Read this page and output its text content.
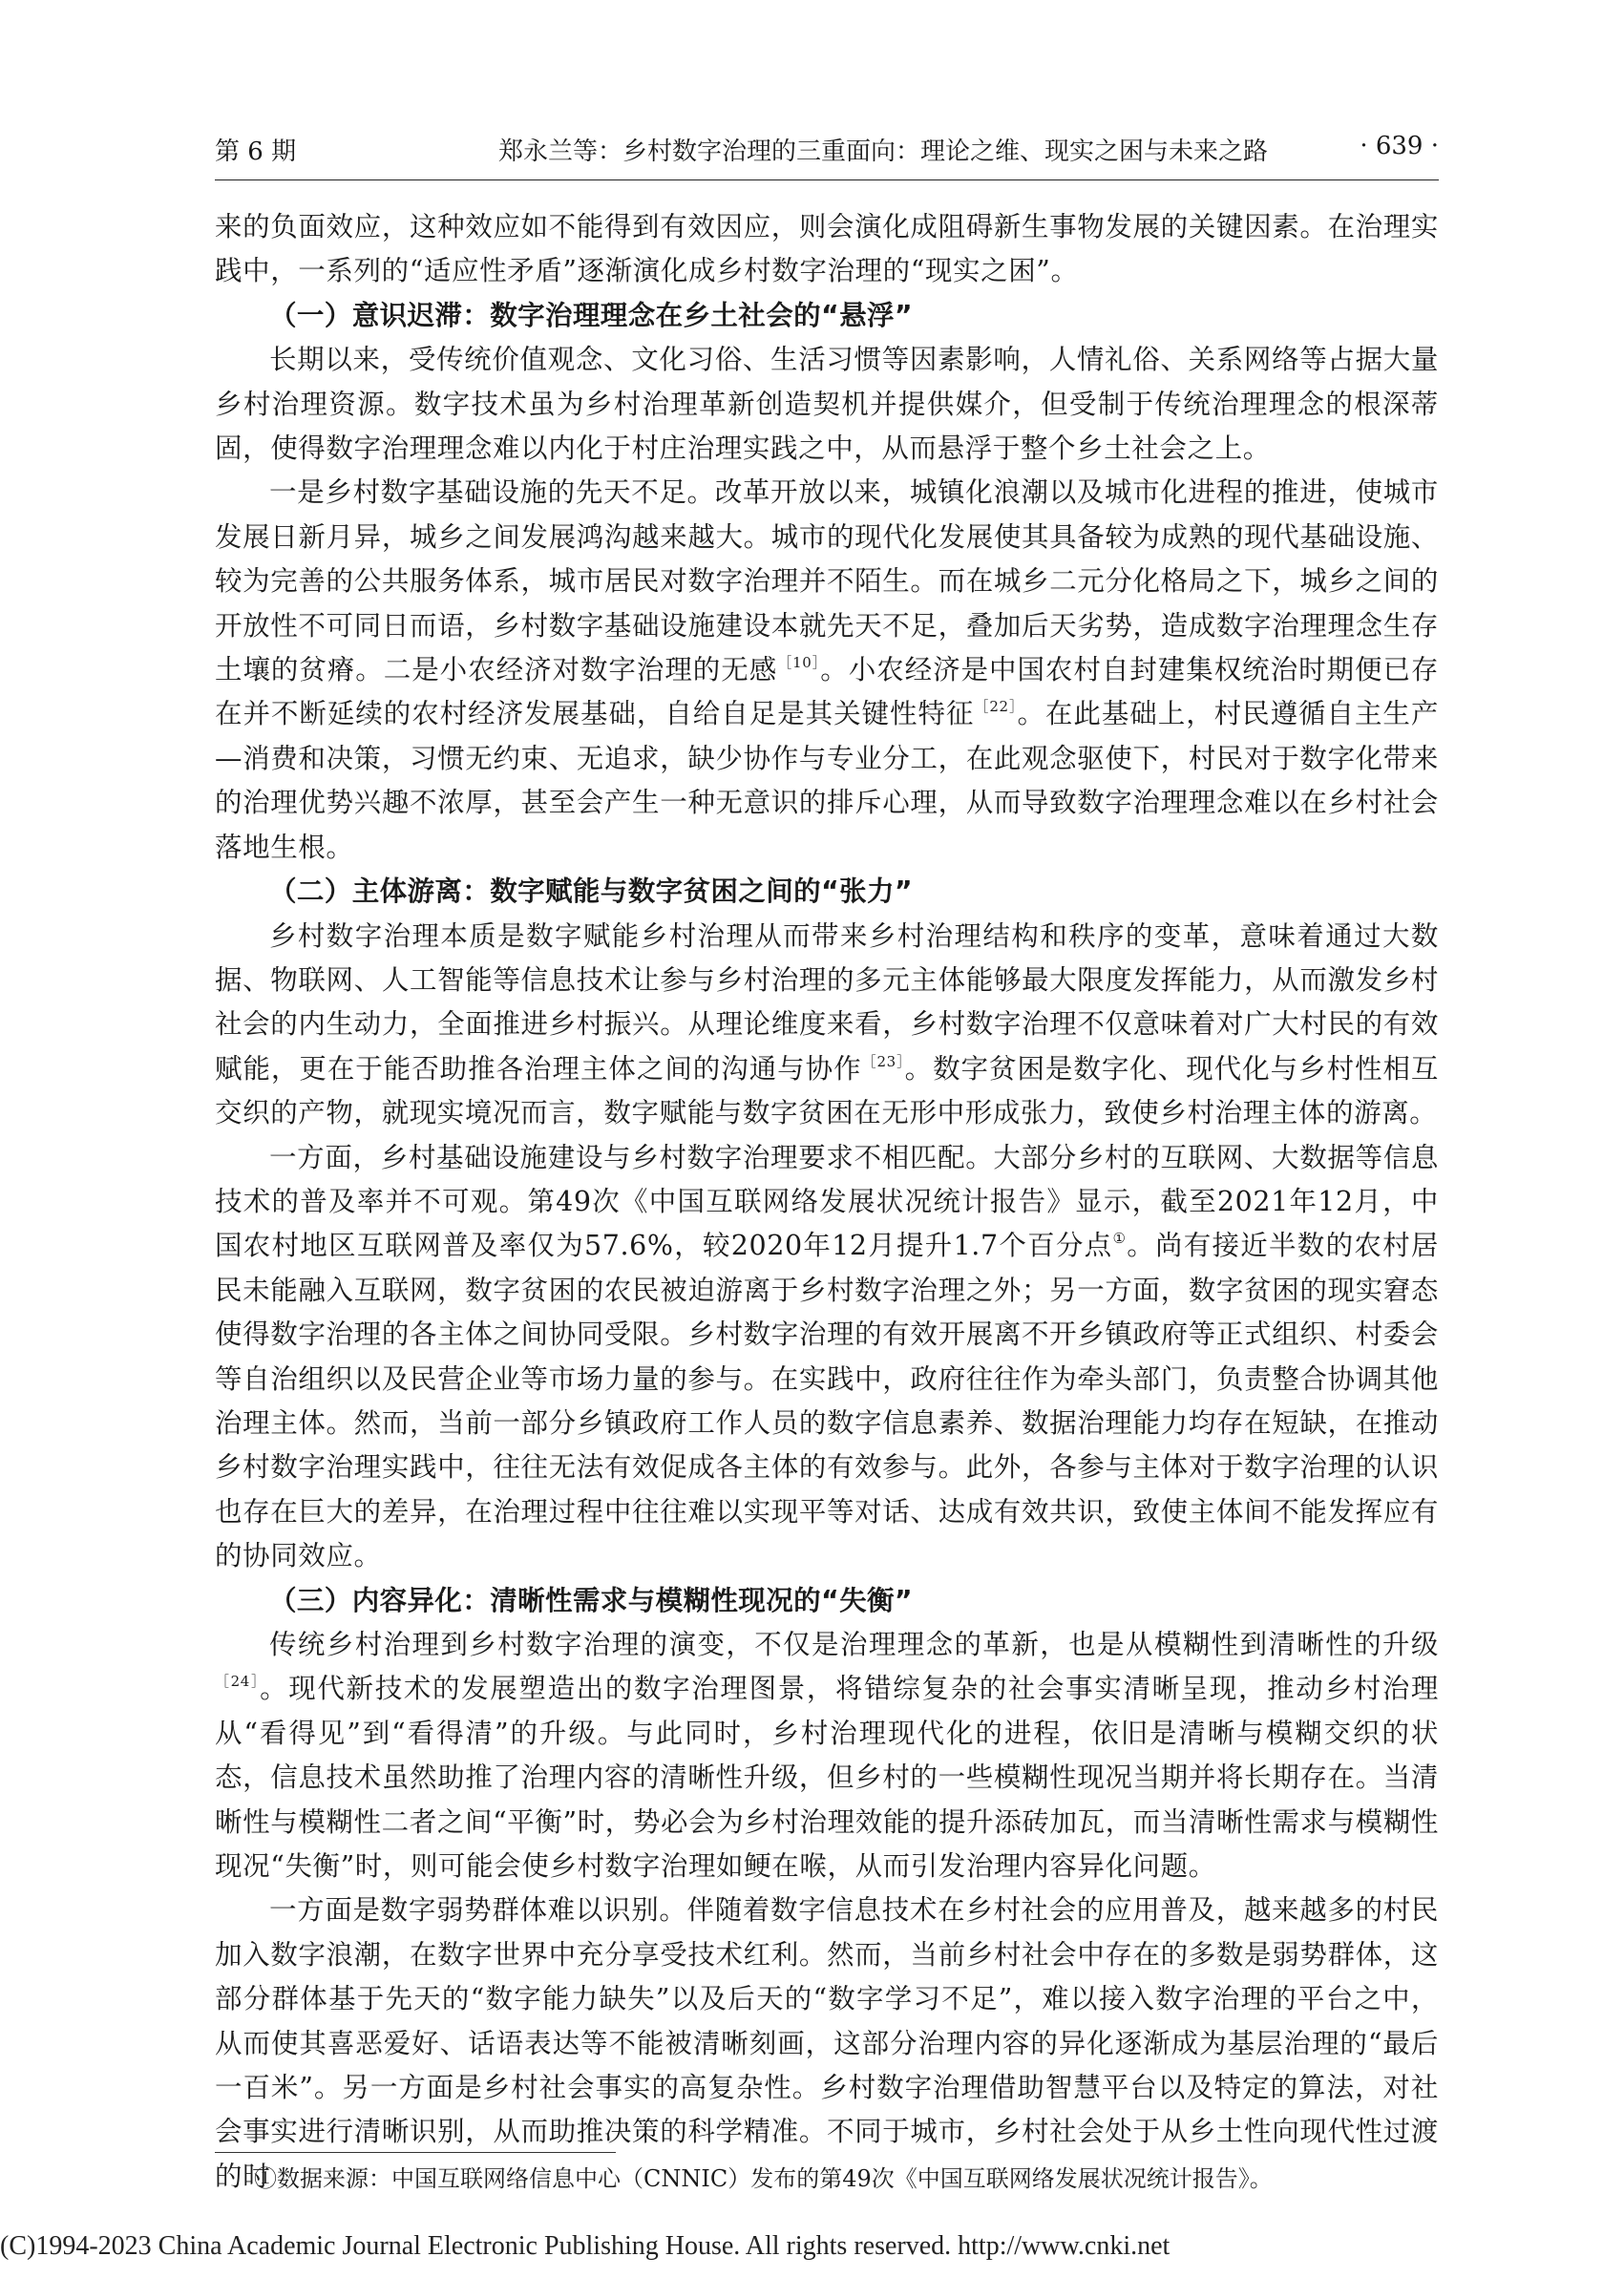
第 6 期	郑永兰等：乡村数字治理的三重面向：理论之维、现实之困与未来之路	· 639 ·

来的负面效应，这种效应如不能得到有效因应，则会演化成阻碍新生事物发展的关键因素。在治理实践中，一系列的“适应性矛盾”逐渐演化成乡村数字治理的“现实之困”。

（一）意识迟滞：数字治理理念在乡土社会的“悬浮”

长期以来，受传统价值观念、文化习俗、生活习惯等因素影响，人情礼俗、关系网络等占据大量乡村治理资源。数字技术虽为乡村治理革新创造契机并提供媒介，但受制于传统治理理念的根深蒂固，使得数字治理理念难以内化于村庄治理实践之中，从而悬浮于整个乡土社会之上。

一是乡村数字基础设施的先天不足。改革开放以来，城镇化浪潮以及城市化进程的推进，使城市发展日新月异，城乡之间发展鸿沟越来越大。城市的现代化发展使其具备较为成熟的现代基础设施、较为完善的公共服务体系，城市居民对数字治理并不陌生。而在城乡二元分化格局之下，城乡之间的开放性不可同日而语，乡村数字基础设施建设本就先天不足，叠加后天劣势，造成数字治理理念生存土壤的贫瘠。二是小农经济对数字治理的无感$^{[10]}$。小农经济是中国农村自封建集权统治时期便已存在并不断延续的农村经济发展基础，自给自足是其关键性特征$^{[22]}$。在此基础上，村民遵循自主生产—消费和决策，习惯无约束、无追求，缺少协作与专业分工，在此观念驱使下，村民对于数字化带来的治理优势兴趣不浓厚，甚至会产生一种无意识的排斥心理，从而导致数字治理理念难以在乡村社会落地生根。

（二）主体游离：数字赋能与数字贫困之间的“张力”

乡村数字治理本质是数字赋能乡村治理从而带来乡村治理结构和秩序的变革，意味着通过大数据、物联网、人工智能等信息技术让参与乡村治理的多元主体能够最大限度发挥能力，从而激发乡村社会的内生动力，全面推进乡村振兴。从理论维度来看，乡村数字治理不仅意味着对广大村民的有效赋能，更在于能否助推各治理主体之间的沟通与协作$^{[23]}$。数字贫困是数字化、现代化与乡村性相互交织的产物，就现实境况而言，数字赋能与数字贫困在无形中形成张力，致使乡村治理主体的游离。

一方面，乡村基础设施建设与乡村数字治理要求不相匹配。大部分乡村的互联网、大数据等信息技术的普及率并不可观。第49次《中国互联网络发展状况统计报告》显示，截至2021年12月，中国农村地区互联网普及率仅为57.6%，较2020年12月提升1.7个百分点①。尚有接近半数的农村居民未能融入互联网，数字贫困的农民被迫游离于乡村数字治理之外；另一方面，数字贫困的现实窘态使得数字治理的各主体之间协同受限。乡村数字治理的有效开展离不开乡镇政府等正式组织、村委会等自治组织以及民营企业等市场力量的参与。在实践中，政府往往作为牵头部门，负责整合协调其他治理主体。然而，当前一部分乡镇政府工作人员的数字信息素养、数据治理能力均存在短缺，在推动乡村数字治理实践中，往往无法有效促成各主体的有效参与。此外，各参与主体对于数字治理的认识也存在巨大的差异，在治理过程中往往难以实现平等对话、达成有效共识，致使主体间不能发挥应有的协同效应。

（三）内容异化：清晰性需求与模糊性现况的“失衡”

传统乡村治理到乡村数字治理的演变，不仅是治理理念的革新，也是从模糊性到清晰性的升级$^{[24]}$。现代新技术的发展塑造出的数字治理图景，将错综复杂的社会事实清晰呈现，推动乡村治理从“看得见”到“看得清”的升级。与此同时，乡村治理现代化的进程，依旧是清晰与模糊交织的状态，信息技术虽然助推了治理内容的清晰性升级，但乡村的一些模糊性现况当期并将长期存在。当清晰性与模糊性二者之间“平衡”时，势必会为乡村治理效能的提升添砖加瓦，而当清晰性需求与模糊性现况“失衡”时，则可能会使乡村数字治理如鲠在喉，从而引发治理内容异化问题。

一方面是数字弱势群体难以识别。伴随着数字信息技术在乡村社会的应用普及，越来越多的村民加入数字浪潮，在数字世界中充分享受技术红利。然而，当前乡村社会中存在的多数是弱势群体，这部分群体基于先天的“数字能力缺失”以及后天的“数字学习不足”，难以接入数字治理的平台之中，从而使其喜恶爱好、话语表达等不能被清晰刻画，这部分治理内容的异化逐渐成为基层治理的“最后一百米”。另一方面是乡村社会事实的高复杂性。乡村数字治理借助智慧平台以及特定的算法，对社会事实进行清晰识别，从而助推决策的科学精准。不同于城市，乡村社会处于从乡土性向现代性过渡的时

①数据来源：中国互联网络信息中心（CNNIC）发布的第49次《中国互联网络发展状况统计报告》。
(C)1994-2023 China Academic Journal Electronic Publishing House. All rights reserved. http://www.cnki.net
